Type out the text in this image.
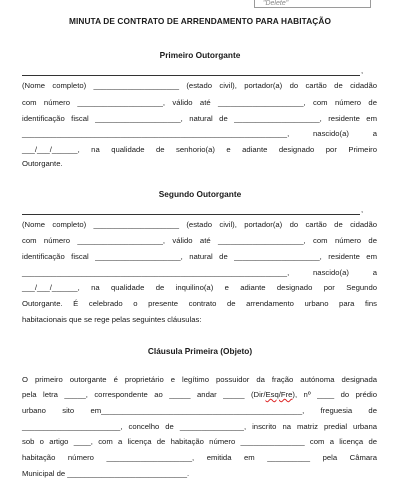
"Delete"
MINUTA DE CONTRATO DE ARRENDAMENTO PARA HABITAÇÃO
Primeiro Outorgante
,
(Nome completo) ____________________ (estado civil), portador(a) do cartão de cidadão
com número ____________________, válido até ____________________, com número de
identificação fiscal ____________________, natural de ____________________, residente em
______________________________________________________________, nascido(a) a
___/___/______, na qualidade de senhorio(a) e adiante designado por Primeiro
Outorgante.
Segundo Outorgante
,
(Nome completo) ____________________ (estado civil), portador(a) do cartão de cidadão
com número ____________________, válido até ____________________, com número de
identificação fiscal ____________________, natural de ____________________, residente em
______________________________________________________________, nascido(a) a
___/___/______, na qualidade de inquilino(a) e adiante designado por Segundo
Outorgante. É celebrado o presente contrato de arrendamento urbano para fins
habitacionais que se rege pelas seguintes cláusulas:
Cláusula Primeira (Objeto)
O primeiro outorgante é proprietário e legítimo possuidor da fração autónoma designada
pela letra _____, correspondente ao _____ andar _____ (Dir/Esq/Fre), nº ____ do prédio
urbano sito em_______________________________________________, freguesia de
_______________________, concelho de _______________, inscrito na matriz predial urbana
sob o artigo ____, com a licença de habitação número _______________ com a licença de
habitação número ____________________, emitida em __________ pela Câmara
Municipal de ____________________________.
